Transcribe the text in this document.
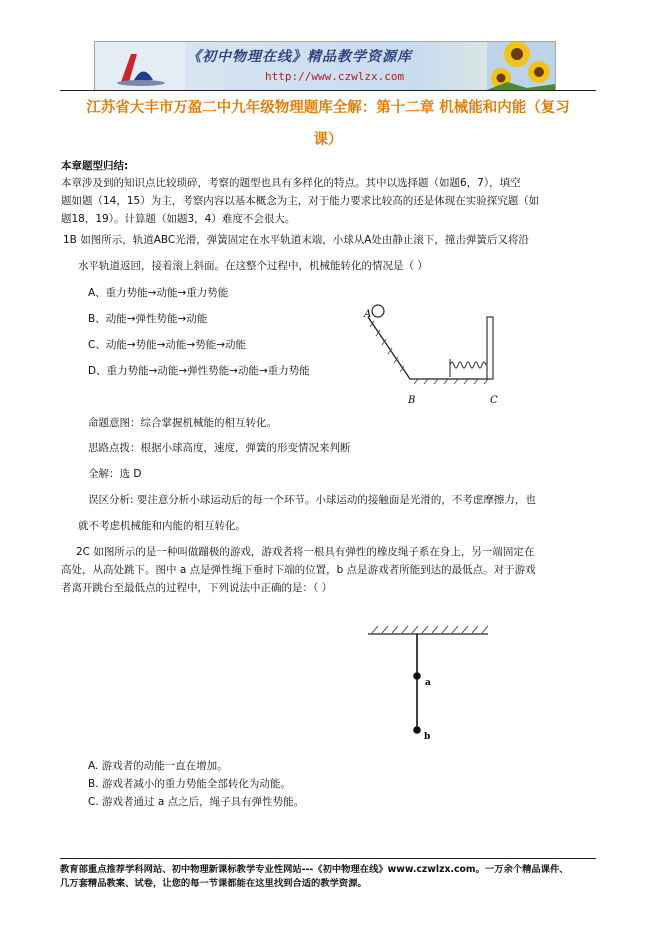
《初中物理在线》精品教学资源库
http://www.czwlzx.com
江苏省大丰市万盈二中九年级物理题库全解：第十二章 机械能和内能（复习
课）
本章题型归结:
本章涉及到的知识点比较琐碎，考察的题型也具有多样化的特点。其中以选择题（如题6，7），填空
题如题（14，15）为主，考察内容以基本概念为主，对于能力要求比较高的还是体现在实验探究题（如
题18，19）。计算题（如题3，4）难度不会很大。
1B 如图所示，轨道ABC光滑，弹簧固定在水平轨道末端，小球从A处由静止滚下，撞击弹簧后又将沿
水平轨道返回，接着滚上斜面。在这整个过程中，机械能转化的情况是（ ）
A、重力势能→动能→重力势能
B、动能→弹性势能→动能
C、动能→势能→动能→势能→动能
D、重力势能→动能→弹性势能→动能→重力势能
A
B	C
命题意图：综合掌握机械能的相互转化。
思路点拨：根据小球高度，速度，弹簧的形变情况来判断
全解：选 D
误区分析: 要注意分析小球运动后的每一个环节。小球运动的接触面是光滑的，不考虑摩擦力，也
就不考虑机械能和内能的相互转化。
2C 如图所示的是一种叫做蹦极的游戏，游戏者将一根具有弹性的橡皮绳子系在身上，另一端固定在
高处，从高处跳下。图中 a 点是弹性绳下垂时下端的位置，b 点是游戏者所能到达的最低点。对于游戏
者离开跳台至最低点的过程中，下列说法中正确的是：（ ）
a
b
A. 游戏者的动能一直在增加。
B. 游戏者减小的重力势能全部转化为动能。
C. 游戏者通过 a 点之后，绳子具有弹性势能。
教育部重点推荐学科网站、初中物理新课标教学专业性网站---《初中物理在线》www.czwlzx.com。一万余个精品课件、
几万套精品教案、试卷，让您的每一节课都能在这里找到合适的教学资源。
